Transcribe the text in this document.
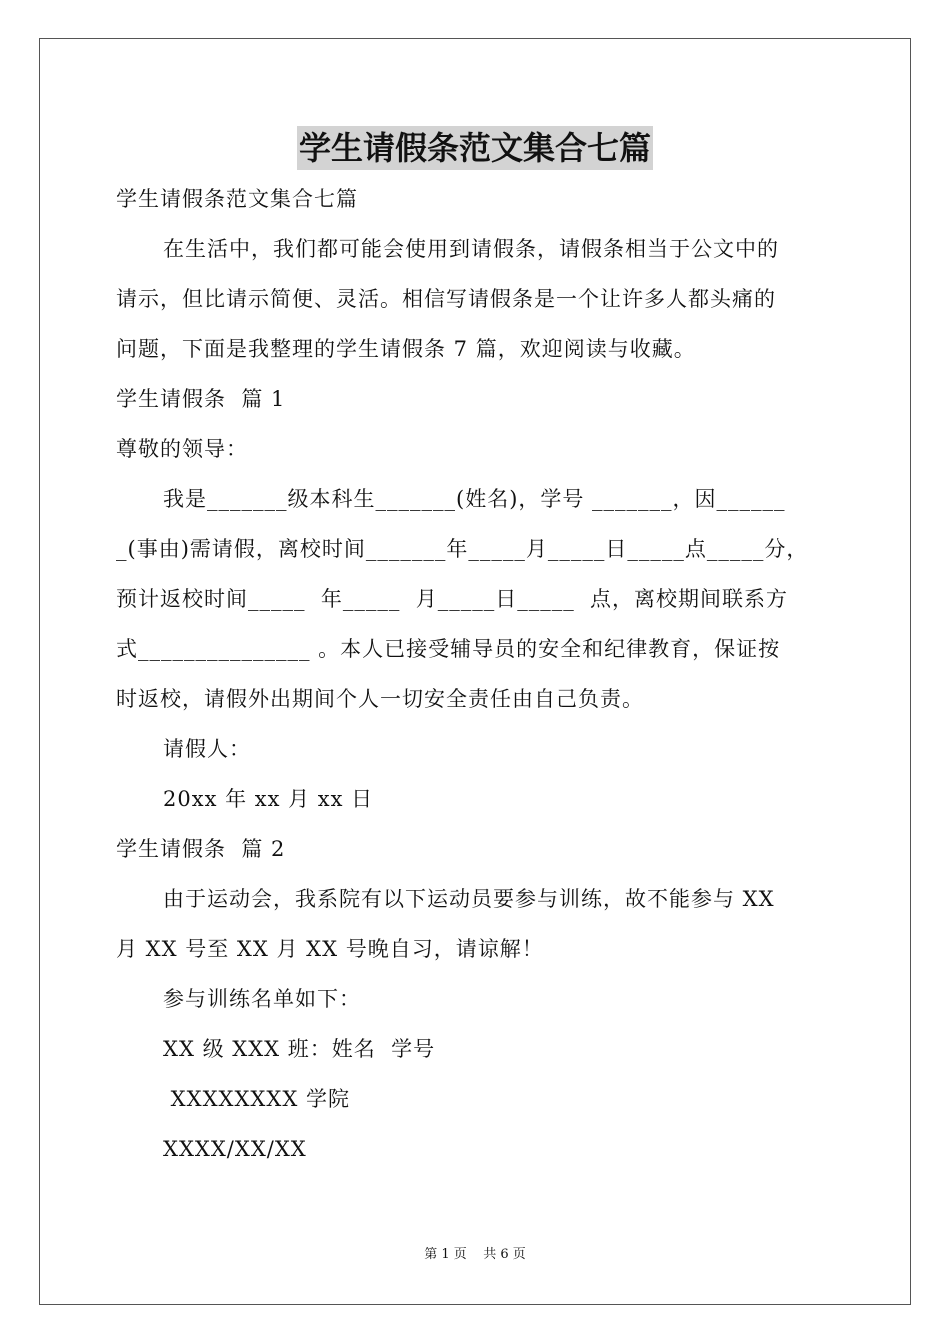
学生请假条范文集合七篇
学生请假条范文集合七篇
在生活中，我们都可能会使用到请假条，请假条相当于公文中的
请示，但比请示简便、灵活。相信写请假条是一个让许多人都头痛的
问题，下面是我整理的学生请假条 7 篇，欢迎阅读与收藏。
学生请假条  篇 1
尊敬的领导：
我是_______级本科生_______(姓名)，学号 _______，因______
_(事由)需请假，离校时间_______年_____月_____日_____点_____分，
预计返校时间_____  年_____  月_____日_____  点，离校期间联系方
式_______________ 。本人已接受辅导员的安全和纪律教育，保证按
时返校，请假外出期间个人一切安全责任由自己负责。
请假人：
20xx 年 xx 月 xx 日
学生请假条  篇 2
由于运动会，我系院有以下运动员要参与训练，故不能参与 XX
月 XX 号至 XX 月 XX 号晚自习，请谅解！
参与训练名单如下：
XX 级 XXX 班：姓名  学号
XXXXXXXX 学院
XXXX/XX/XX
第 1 页    共 6 页
